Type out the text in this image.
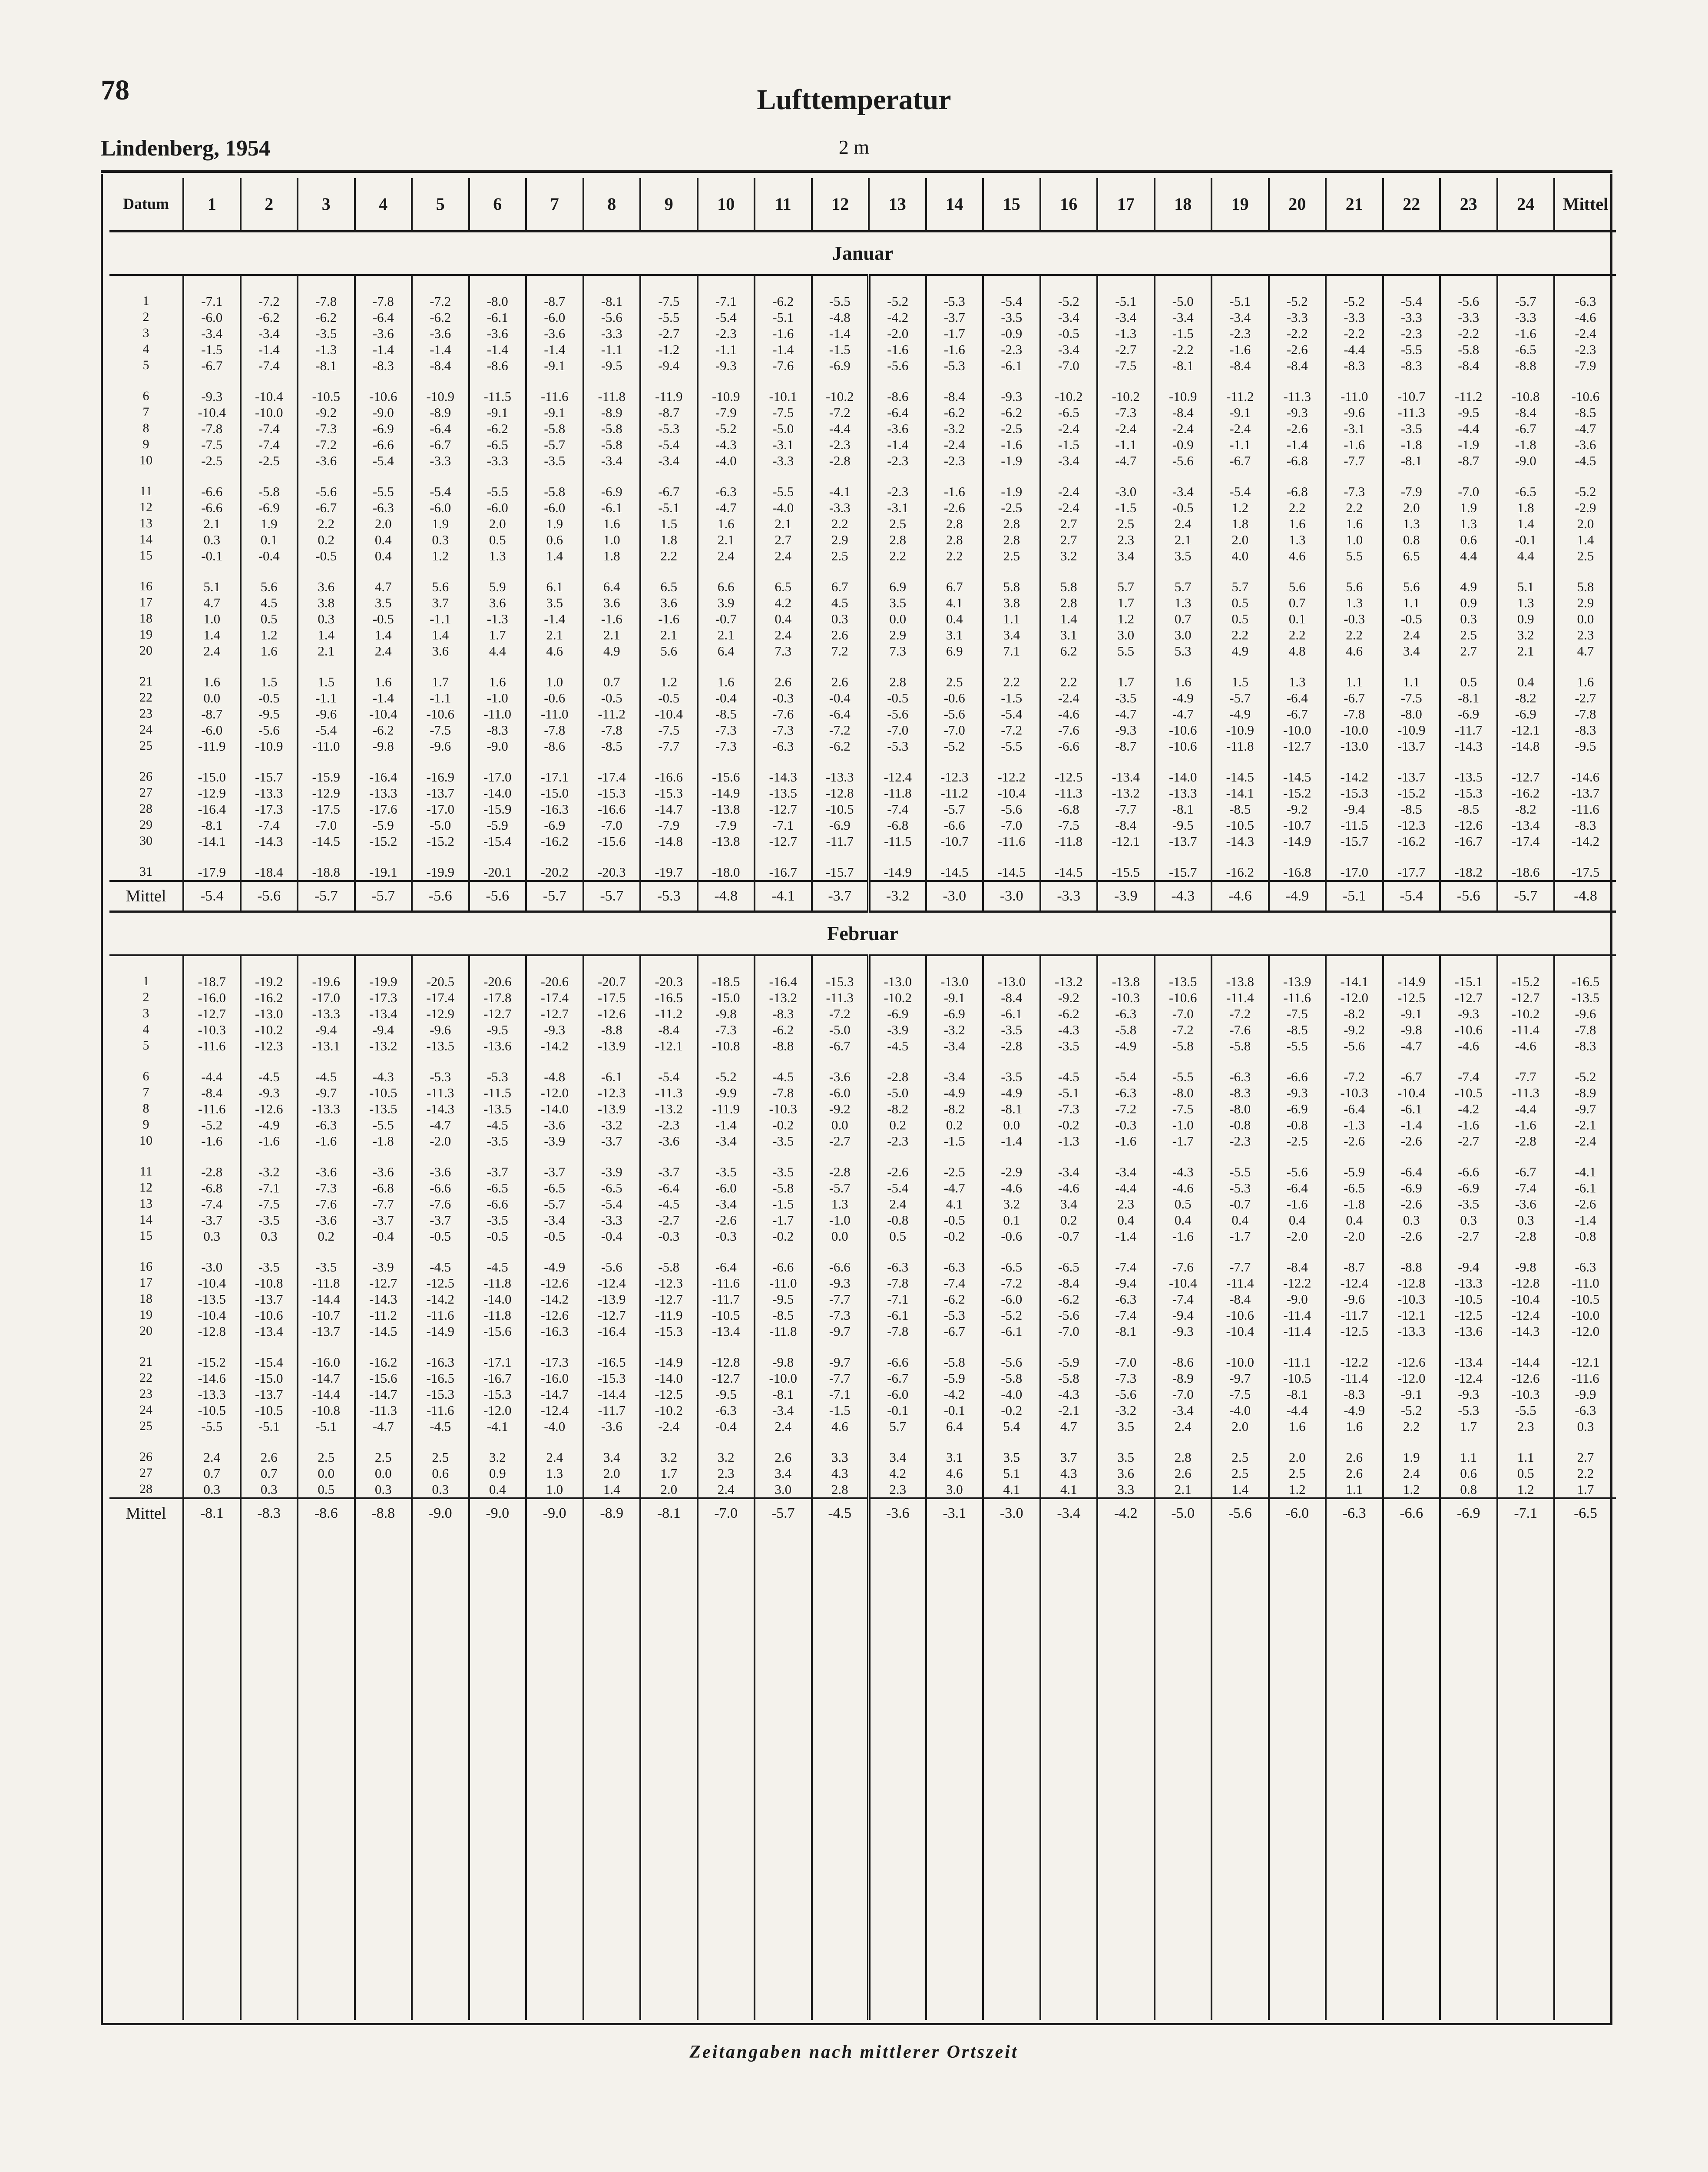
78	Lufttemperatur
Lindenberg, 1954	2 m
Datum	1	2	3	4	5	6	7	8	9	10	11	12	13	14	15	16	17	18	19	20	21	22	23	24	Mittel
Januar																									
1	-7.1	-7.2	-7.8	-7.8	-7.2	-8.0	-8.7	-8.1	-7.5	-7.1	-6.2	-5.5	-5.2	-5.3	-5.4	-5.2	-5.1	-5.0	-5.1	-5.2	-5.2	-5.4	-5.6	-5.7	-6.3
2	-6.0	-6.2	-6.2	-6.4	-6.2	-6.1	-6.0	-5.6	-5.5	-5.4	-5.1	-4.8	-4.2	-3.7	-3.5	-3.4	-3.4	-3.4	-3.4	-3.3	-3.3	-3.3	-3.3	-3.3	-4.6
3	-3.4	-3.4	-3.5	-3.6	-3.6	-3.6	-3.6	-3.3	-2.7	-2.3	-1.6	-1.4	-2.0	-1.7	-0.9	-0.5	-1.3	-1.5	-2.3	-2.2	-2.2	-2.3	-2.2	-1.6	-2.4
4	-1.5	-1.4	-1.3	-1.4	-1.4	-1.4	-1.4	-1.1	-1.2	-1.1	-1.4	-1.5	-1.6	-1.6	-2.3	-3.4	-2.7	-2.2	-1.6	-2.6	-4.4	-5.5	-5.8	-6.5	-2.3
5	-6.7	-7.4	-8.1	-8.3	-8.4	-8.6	-9.1	-9.5	-9.4	-9.3	-7.6	-6.9	-5.6	-5.3	-6.1	-7.0	-7.5	-8.1	-8.4	-8.4	-8.3	-8.3	-8.4	-8.8	-7.9
6	-9.3	-10.4	-10.5	-10.6	-10.9	-11.5	-11.6	-11.8	-11.9	-10.9	-10.1	-10.2	-8.6	-8.4	-9.3	-10.2	-10.2	-10.9	-11.2	-11.3	-11.0	-10.7	-11.2	-10.8	-10.6
7	-10.4	-10.0	-9.2	-9.0	-8.9	-9.1	-9.1	-8.9	-8.7	-7.9	-7.5	-7.2	-6.4	-6.2	-6.2	-6.5	-7.3	-8.4	-9.1	-9.3	-9.6	-11.3	-9.5	-8.4	-8.5
8	-7.8	-7.4	-7.3	-6.9	-6.4	-6.2	-5.8	-5.8	-5.3	-5.2	-5.0	-4.4	-3.6	-3.2	-2.5	-2.4	-2.4	-2.4	-2.4	-2.6	-3.1	-3.5	-4.4	-6.7	-4.7
9	-7.5	-7.4	-7.2	-6.6	-6.7	-6.5	-5.7	-5.8	-5.4	-4.3	-3.1	-2.3	-1.4	-2.4	-1.6	-1.5	-1.1	-0.9	-1.1	-1.4	-1.6	-1.8	-1.9	-1.8	-3.6
10	-2.5	-2.5	-3.6	-5.4	-3.3	-3.3	-3.5	-3.4	-3.4	-4.0	-3.3	-2.8	-2.3	-2.3	-1.9	-3.4	-4.7	-5.6	-6.7	-6.8	-7.7	-8.1	-8.7	-9.0	-4.5
11	-6.6	-5.8	-5.6	-5.5	-5.4	-5.5	-5.8	-6.9	-6.7	-6.3	-5.5	-4.1	-2.3	-1.6	-1.9	-2.4	-3.0	-3.4	-5.4	-6.8	-7.3	-7.9	-7.0	-6.5	-5.2
12	-6.6	-6.9	-6.7	-6.3	-6.0	-6.0	-6.0	-6.1	-5.1	-4.7	-4.0	-3.3	-3.1	-2.6	-2.5	-2.4	-1.5	-0.5	1.2	2.2	2.2	2.0	1.9	1.8	-2.9
13	2.1	1.9	2.2	2.0	1.9	2.0	1.9	1.6	1.5	1.6	2.1	2.2	2.5	2.8	2.8	2.7	2.5	2.4	1.8	1.6	1.6	1.3	1.3	1.4	2.0
14	0.3	0.1	0.2	0.4	0.3	0.5	0.6	1.0	1.8	2.1	2.7	2.9	2.8	2.8	2.8	2.7	2.3	2.1	2.0	1.3	1.0	0.8	0.6	-0.1	1.4
15	-0.1	-0.4	-0.5	0.4	1.2	1.3	1.4	1.8	2.2	2.4	2.4	2.5	2.2	2.2	2.5	3.2	3.4	3.5	4.0	4.6	5.5	6.5	4.4	4.4	2.5
16	5.1	5.6	3.6	4.7	5.6	5.9	6.1	6.4	6.5	6.6	6.5	6.7	6.9	6.7	5.8	5.8	5.7	5.7	5.7	5.6	5.6	5.6	4.9	5.1	5.8
17	4.7	4.5	3.8	3.5	3.7	3.6	3.5	3.6	3.6	3.9	4.2	4.5	3.5	4.1	3.8	2.8	1.7	1.3	0.5	0.7	1.3	1.1	0.9	1.3	2.9
18	1.0	0.5	0.3	-0.5	-1.1	-1.3	-1.4	-1.6	-1.6	-0.7	0.4	0.3	0.0	0.4	1.1	1.4	1.2	0.7	0.5	0.1	-0.3	-0.5	0.3	0.9	0.0
19	1.4	1.2	1.4	1.4	1.4	1.7	2.1	2.1	2.1	2.1	2.4	2.6	2.9	3.1	3.4	3.1	3.0	3.0	2.2	2.2	2.2	2.4	2.5	3.2	2.3
20	2.4	1.6	2.1	2.4	3.6	4.4	4.6	4.9	5.6	6.4	7.3	7.2	7.3	6.9	7.1	6.2	5.5	5.3	4.9	4.8	4.6	3.4	2.7	2.1	4.7
21	1.6	1.5	1.5	1.6	1.7	1.6	1.0	0.7	1.2	1.6	2.6	2.6	2.8	2.5	2.2	2.2	1.7	1.6	1.5	1.3	1.1	1.1	0.5	0.4	1.6
22	0.0	-0.5	-1.1	-1.4	-1.1	-1.0	-0.6	-0.5	-0.5	-0.4	-0.3	-0.4	-0.5	-0.6	-1.5	-2.4	-3.5	-4.9	-5.7	-6.4	-6.7	-7.5	-8.1	-8.2	-2.7
23	-8.7	-9.5	-9.6	-10.4	-10.6	-11.0	-11.0	-11.2	-10.4	-8.5	-7.6	-6.4	-5.6	-5.6	-5.4	-4.6	-4.7	-4.7	-4.9	-6.7	-7.8	-8.0	-6.9	-6.9	-7.8
24	-6.0	-5.6	-5.4	-6.2	-7.5	-8.3	-7.8	-7.8	-7.5	-7.3	-7.3	-7.2	-7.0	-7.0	-7.2	-7.6	-9.3	-10.6	-10.9	-10.0	-10.0	-10.9	-11.7	-12.1	-8.3
25	-11.9	-10.9	-11.0	-9.8	-9.6	-9.0	-8.6	-8.5	-7.7	-7.3	-6.3	-6.2	-5.3	-5.2	-5.5	-6.6	-8.7	-10.6	-11.8	-12.7	-13.0	-13.7	-14.3	-14.8	-9.5
26	-15.0	-15.7	-15.9	-16.4	-16.9	-17.0	-17.1	-17.4	-16.6	-15.6	-14.3	-13.3	-12.4	-12.3	-12.2	-12.5	-13.4	-14.0	-14.5	-14.5	-14.2	-13.7	-13.5	-12.7	-14.6
27	-12.9	-13.3	-12.9	-13.3	-13.7	-14.0	-15.0	-15.3	-15.3	-14.9	-13.5	-12.8	-11.8	-11.2	-10.4	-11.3	-13.2	-13.3	-14.1	-15.2	-15.3	-15.2	-15.3	-16.2	-13.7
28	-16.4	-17.3	-17.5	-17.6	-17.0	-15.9	-16.3	-16.6	-14.7	-13.8	-12.7	-10.5	-7.4	-5.7	-5.6	-6.8	-7.7	-8.1	-8.5	-9.2	-9.4	-8.5	-8.5	-8.2	-11.6
29	-8.1	-7.4	-7.0	-5.9	-5.0	-5.9	-6.9	-7.0	-7.9	-7.9	-7.1	-6.9	-6.8	-6.6	-7.0	-7.5	-8.4	-9.5	-10.5	-10.7	-11.5	-12.3	-12.6	-13.4	-8.3
30	-14.1	-14.3	-14.5	-15.2	-15.2	-15.4	-16.2	-15.6	-14.8	-13.8	-12.7	-11.7	-11.5	-10.7	-11.6	-11.8	-12.1	-13.7	-14.3	-14.9	-15.7	-16.2	-16.7	-17.4	-14.2
31	-17.9	-18.4	-18.8	-19.1	-19.9	-20.1	-20.2	-20.3	-19.7	-18.0	-16.7	-15.7	-14.9	-14.5	-14.5	-14.5	-15.5	-15.7	-16.2	-16.8	-17.0	-17.7	-18.2	-18.6	-17.5
Mittel	-5.4	-5.6	-5.7	-5.7	-5.6	-5.6	-5.7	-5.7	-5.3	-4.8	-4.1	-3.7	-3.2	-3.0	-3.0	-3.3	-3.9	-4.3	-4.6	-4.9	-5.1	-5.4	-5.6	-5.7	-4.8
Februar																									
1	-18.7	-19.2	-19.6	-19.9	-20.5	-20.6	-20.6	-20.7	-20.3	-18.5	-16.4	-15.3	-13.0	-13.0	-13.0	-13.2	-13.8	-13.5	-13.8	-13.9	-14.1	-14.9	-15.1	-15.2	-16.5
2	-16.0	-16.2	-17.0	-17.3	-17.4	-17.8	-17.4	-17.5	-16.5	-15.0	-13.2	-11.3	-10.2	-9.1	-8.4	-9.2	-10.3	-10.6	-11.4	-11.6	-12.0	-12.5	-12.7	-12.7	-13.5
3	-12.7	-13.0	-13.3	-13.4	-12.9	-12.7	-12.7	-12.6	-11.2	-9.8	-8.3	-7.2	-6.9	-6.9	-6.1	-6.2	-6.3	-7.0	-7.2	-7.5	-8.2	-9.1	-9.3	-10.2	-9.6
4	-10.3	-10.2	-9.4	-9.4	-9.6	-9.5	-9.3	-8.8	-8.4	-7.3	-6.2	-5.0	-3.9	-3.2	-3.5	-4.3	-5.8	-7.2	-7.6	-8.5	-9.2	-9.8	-10.6	-11.4	-7.8
5	-11.6	-12.3	-13.1	-13.2	-13.5	-13.6	-14.2	-13.9	-12.1	-10.8	-8.8	-6.7	-4.5	-3.4	-2.8	-3.5	-4.9	-5.8	-5.8	-5.5	-5.6	-4.7	-4.6	-4.6	-8.3
6	-4.4	-4.5	-4.5	-4.3	-5.3	-5.3	-4.8	-6.1	-5.4	-5.2	-4.5	-3.6	-2.8	-3.4	-3.5	-4.5	-5.4	-5.5	-6.3	-6.6	-7.2	-6.7	-7.4	-7.7	-5.2
7	-8.4	-9.3	-9.7	-10.5	-11.3	-11.5	-12.0	-12.3	-11.3	-9.9	-7.8	-6.0	-5.0	-4.9	-4.9	-5.1	-6.3	-8.0	-8.3	-9.3	-10.3	-10.4	-10.5	-11.3	-8.9
8	-11.6	-12.6	-13.3	-13.5	-14.3	-13.5	-14.0	-13.9	-13.2	-11.9	-10.3	-9.2	-8.2	-8.2	-8.1	-7.3	-7.2	-7.5	-8.0	-6.9	-6.4	-6.1	-4.2	-4.4	-9.7
9	-5.2	-4.9	-6.3	-5.5	-4.7	-4.5	-3.6	-3.2	-2.3	-1.4	-0.2	0.0	0.2	0.2	0.0	-0.2	-0.3	-1.0	-0.8	-0.8	-1.3	-1.4	-1.6	-1.6	-2.1
10	-1.6	-1.6	-1.6	-1.8	-2.0	-3.5	-3.9	-3.7	-3.6	-3.4	-3.5	-2.7	-2.3	-1.5	-1.4	-1.3	-1.6	-1.7	-2.3	-2.5	-2.6	-2.6	-2.7	-2.8	-2.4
11	-2.8	-3.2	-3.6	-3.6	-3.6	-3.7	-3.7	-3.9	-3.7	-3.5	-3.5	-2.8	-2.6	-2.5	-2.9	-3.4	-3.4	-4.3	-5.5	-5.6	-5.9	-6.4	-6.6	-6.7	-4.1
12	-6.8	-7.1	-7.3	-6.8	-6.6	-6.5	-6.5	-6.5	-6.4	-6.0	-5.8	-5.7	-5.4	-4.7	-4.6	-4.6	-4.4	-4.6	-5.3	-6.4	-6.5	-6.9	-6.9	-7.4	-6.1
13	-7.4	-7.5	-7.6	-7.7	-7.6	-6.6	-5.7	-5.4	-4.5	-3.4	-1.5	1.3	2.4	4.1	3.2	3.4	2.3	0.5	-0.7	-1.6	-1.8	-2.6	-3.5	-3.6	-2.6
14	-3.7	-3.5	-3.6	-3.7	-3.7	-3.5	-3.4	-3.3	-2.7	-2.6	-1.7	-1.0	-0.8	-0.5	0.1	0.2	0.4	0.4	0.4	0.4	0.4	0.3	0.3	0.3	-1.4
15	0.3	0.3	0.2	-0.4	-0.5	-0.5	-0.5	-0.4	-0.3	-0.3	-0.2	0.0	0.5	-0.2	-0.6	-0.7	-1.4	-1.6	-1.7	-2.0	-2.0	-2.6	-2.7	-2.8	-0.8
16	-3.0	-3.5	-3.5	-3.9	-4.5	-4.5	-4.9	-5.6	-5.8	-6.4	-6.6	-6.6	-6.3	-6.3	-6.5	-6.5	-7.4	-7.6	-7.7	-8.4	-8.7	-8.8	-9.4	-9.8	-6.3
17	-10.4	-10.8	-11.8	-12.7	-12.5	-11.8	-12.6	-12.4	-12.3	-11.6	-11.0	-9.3	-7.8	-7.4	-7.2	-8.4	-9.4	-10.4	-11.4	-12.2	-12.4	-12.8	-13.3	-12.8	-11.0
18	-13.5	-13.7	-14.4	-14.3	-14.2	-14.0	-14.2	-13.9	-12.7	-11.7	-9.5	-7.7	-7.1	-6.2	-6.0	-6.2	-6.3	-7.4	-8.4	-9.0	-9.6	-10.3	-10.5	-10.4	-10.5
19	-10.4	-10.6	-10.7	-11.2	-11.6	-11.8	-12.6	-12.7	-11.9	-10.5	-8.5	-7.3	-6.1	-5.3	-5.2	-5.6	-7.4	-9.4	-10.6	-11.4	-11.7	-12.1	-12.5	-12.4	-10.0
20	-12.8	-13.4	-13.7	-14.5	-14.9	-15.6	-16.3	-16.4	-15.3	-13.4	-11.8	-9.7	-7.8	-6.7	-6.1	-7.0	-8.1	-9.3	-10.4	-11.4	-12.5	-13.3	-13.6	-14.3	-12.0
21	-15.2	-15.4	-16.0	-16.2	-16.3	-17.1	-17.3	-16.5	-14.9	-12.8	-9.8	-9.7	-6.6	-5.8	-5.6	-5.9	-7.0	-8.6	-10.0	-11.1	-12.2	-12.6	-13.4	-14.4	-12.1
22	-14.6	-15.0	-14.7	-15.6	-16.5	-16.7	-16.0	-15.3	-14.0	-12.7	-10.0	-7.7	-6.7	-5.9	-5.8	-5.8	-7.3	-8.9	-9.7	-10.5	-11.4	-12.0	-12.4	-12.6	-11.6
23	-13.3	-13.7	-14.4	-14.7	-15.3	-15.3	-14.7	-14.4	-12.5	-9.5	-8.1	-7.1	-6.0	-4.2	-4.0	-4.3	-5.6	-7.0	-7.5	-8.1	-8.3	-9.1	-9.3	-10.3	-9.9
24	-10.5	-10.5	-10.8	-11.3	-11.6	-12.0	-12.4	-11.7	-10.2	-6.3	-3.4	-1.5	-0.1	-0.1	-0.2	-2.1	-3.2	-3.4	-4.0	-4.4	-4.9	-5.2	-5.3	-5.5	-6.3
25	-5.5	-5.1	-5.1	-4.7	-4.5	-4.1	-4.0	-3.6	-2.4	-0.4	2.4	4.6	5.7	6.4	5.4	4.7	3.5	2.4	2.0	1.6	1.6	2.2	1.7	2.3	0.3
26	2.4	2.6	2.5	2.5	2.5	3.2	2.4	3.4	3.2	3.2	2.6	3.3	3.4	3.1	3.5	3.7	3.5	2.8	2.5	2.0	2.6	1.9	1.1	1.1	2.7
27	0.7	0.7	0.0	0.0	0.6	0.9	1.3	2.0	1.7	2.3	3.4	4.3	4.2	4.6	5.1	4.3	3.6	2.6	2.5	2.5	2.6	2.4	0.6	0.5	2.2
28	0.3	0.3	0.5	0.3	0.3	0.4	1.0	1.4	2.0	2.4	3.0	2.8	2.3	3.0	4.1	4.1	3.3	2.1	1.4	1.2	1.1	1.2	0.8	1.2	1.7
Mittel	-8.1	-8.3	-8.6	-8.8	-9.0	-9.0	-9.0	-8.9	-8.1	-7.0	-5.7	-4.5	-3.6	-3.1	-3.0	-3.4	-4.2	-5.0	-5.6	-6.0	-6.3	-6.6	-6.9	-7.1	-6.5

Zeitangaben nach mittlerer Ortszeit
